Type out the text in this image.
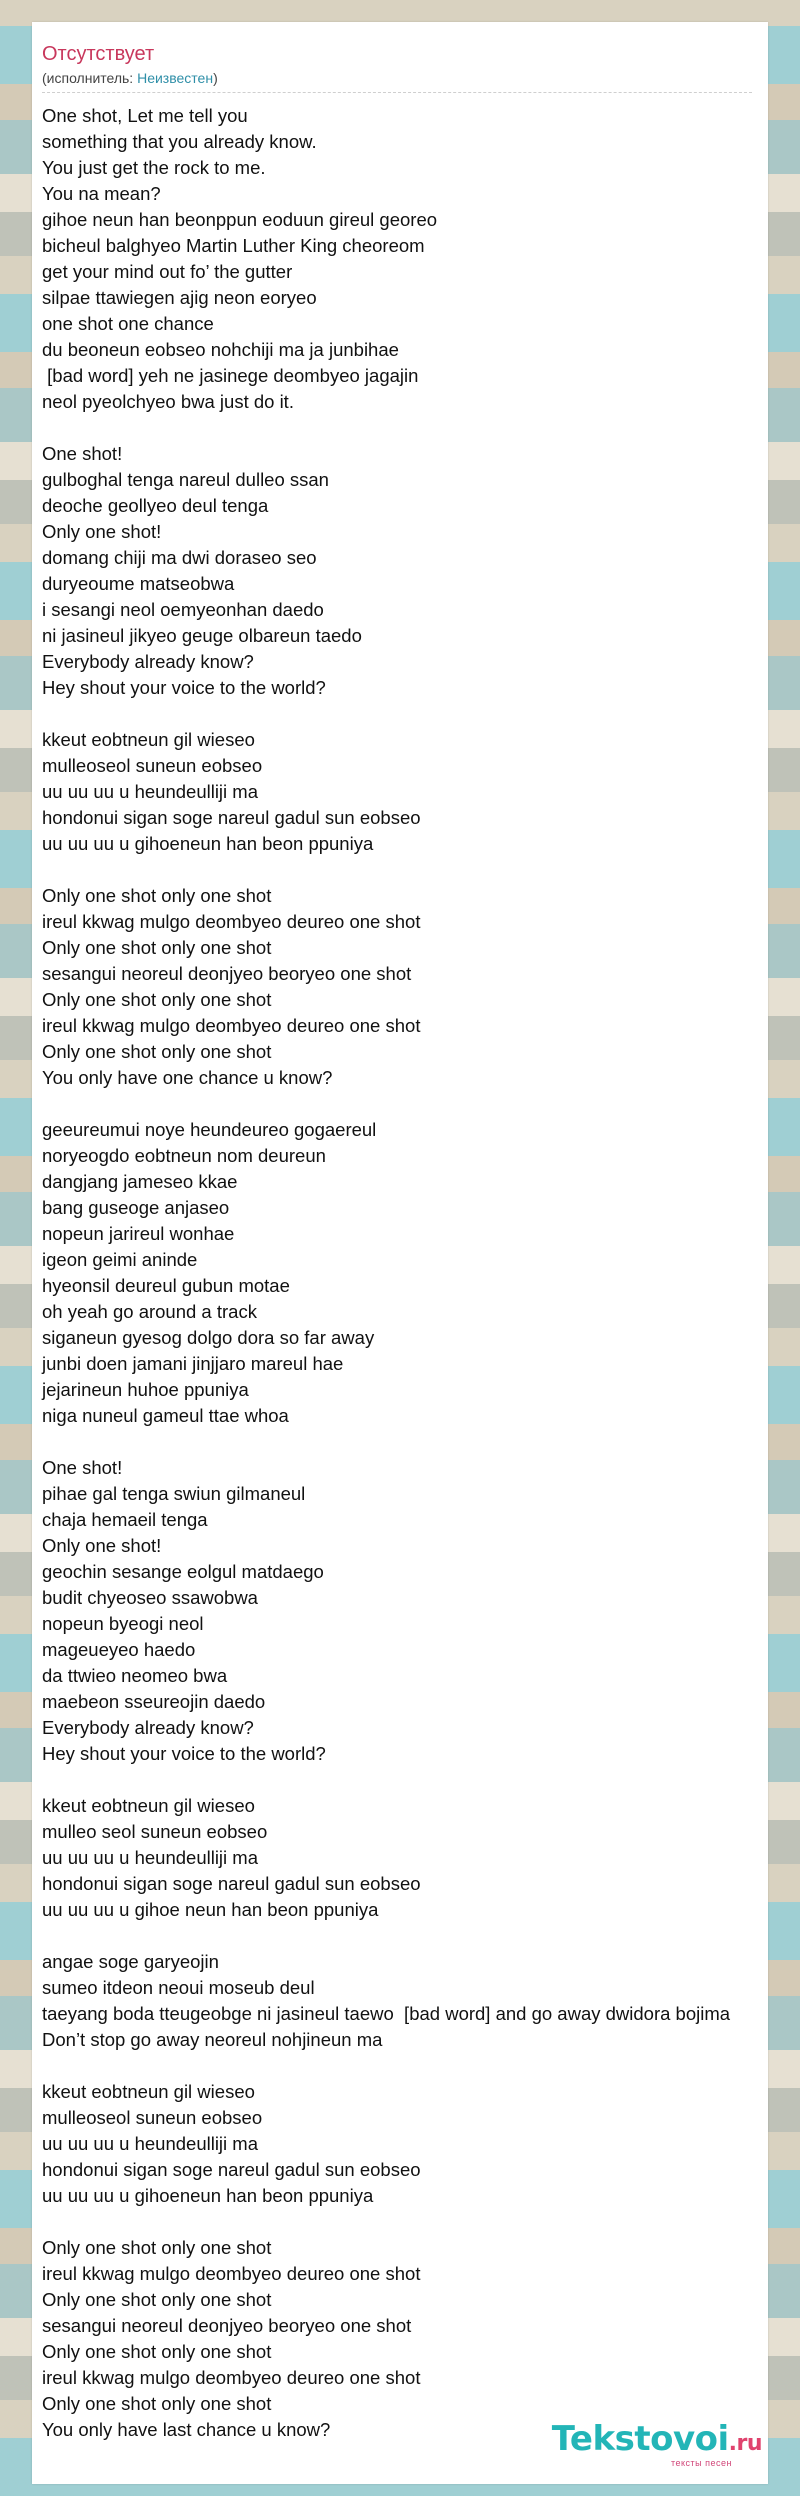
Отсутствует
(исполнитель: Неизвестен)
One shot, Let me tell you
something that you already know.
You just get the rock to me.
You na mean?
gihoe neun han beonppun eoduun gireul georeo
bicheul balghyeo Martin Luther King cheoreom
get your mind out fo’ the gutter
silpae ttawiegen ajig neon eoryeo
one shot one chance
du beoneun eobseo nohchiji ma ja junbihae
[bad word] yeh ne jasinege deombyeo jagajin
neol pyeolchyeo bwa just do it.

One shot!
gulboghal tenga nareul dulleo ssan
deoche geollyeo deul tenga
Only one shot!
domang chiji ma dwi doraseo seo
duryeoume matseobwa
i sesangi neol oemyeonhan daedo
ni jasineul jikyeo geuge olbareun taedo
Everybody already know?
Hey shout your voice to the world?

kkeut eobtneun gil wieseo
mulleoseol suneun eobseo
uu uu uu u heundeulliji ma
hondonui sigan soge nareul gadul sun eobseo
uu uu uu u gihoeneun han beon ppuniya

Only one shot only one shot
ireul kkwag mulgo deombyeo deureo one shot
Only one shot only one shot
sesangui neoreul deonjyeo beoryeo one shot
Only one shot only one shot
ireul kkwag mulgo deombyeo deureo one shot
Only one shot only one shot
You only have one chance u know?

geeureumui noye heundeureo gogaereul
noryeogdo eobtneun nom deureun
dangjang jameseo kkae
bang guseoge anjaseo
nopeun jarireul wonhae
igeon geimi aninde
hyeonsil deureul gubun motae
oh yeah go around a track
siganeun gyesog dolgo dora so far away
junbi doen jamani jinjjaro mareul hae
jejarineun huhoe ppuniya
niga nuneul gameul ttae whoa

One shot!
pihae gal tenga swiun gilmaneul
chaja hemaeil tenga
Only one shot!
geochin sesange eolgul matdaego
budit chyeoseo ssawobwa
nopeun byeogi neol
mageueyeo haedo
da ttwieo neomeo bwa
maebeon sseureojin daedo
Everybody already know?
Hey shout your voice to the world?

kkeut eobtneun gil wieseo
mulleo seol suneun eobseo
uu uu uu u heundeulliji ma
hondonui sigan soge nareul gadul sun eobseo
uu uu uu u gihoe neun han beon ppuniya

angae soge garyeojin
sumeo itdeon neoui moseub deul
taeyang boda tteugeobge ni jasineul taewo  [bad word] and go away dwidora bojima
Don’t stop go away neoreul nohjineun ma

kkeut eobtneun gil wieseo
mulleoseol suneun eobseo
uu uu uu u heundeulliji ma
hondonui sigan soge nareul gadul sun eobseo
uu uu uu u gihoeneun han beon ppuniya

Only one shot only one shot
ireul kkwag mulgo deombyeo deureo one shot
Only one shot only one shot
sesangui neoreul deonjyeo beoryeo one shot
Only one shot only one shot
ireul kkwag mulgo deombyeo deureo one shot
Only one shot only one shot
You only have last chance u know?	Tekstovoi.ru
тексты песен
